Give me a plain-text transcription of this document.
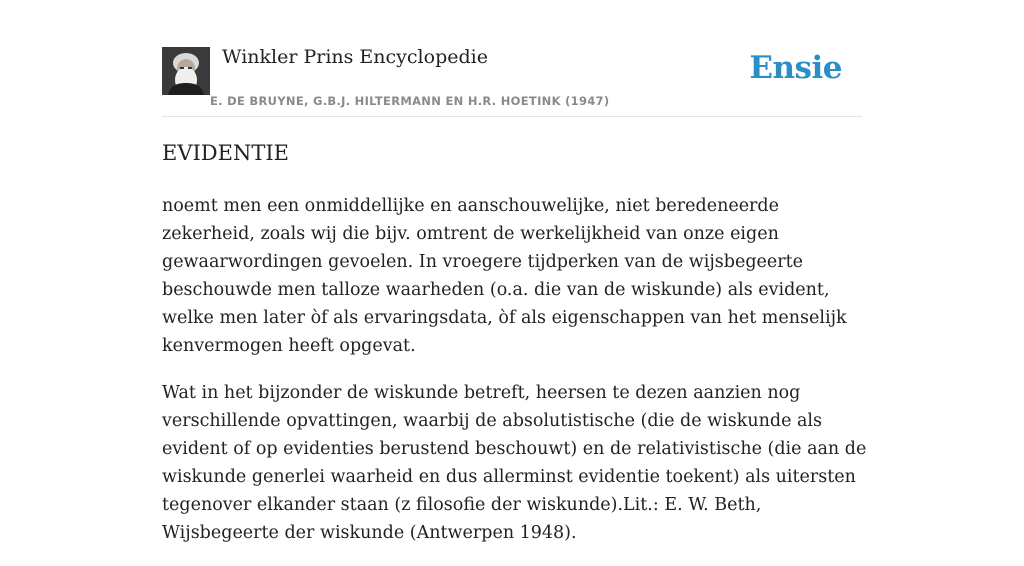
Winkler Prins Encyclopedie
E. DE BRUYNE, G.B.J. HILTERMANN EN H.R. HOETINK (1947)
Ensie
EVIDENTIE

noemt men een onmiddellijke en aanschouwelijke, niet beredeneerde zekerheid, zoals wij die bijv. omtrent de werkelijkheid van onze eigen gewaarwordingen gevoelen. In vroegere tijdperken van de wijsbegeerte beschouwde men talloze waarheden (o.a. die van de wiskunde) als evident, welke men later òf als ervaringsdata, òf als eigenschappen van het menselijk kenvermogen heeft opgevat.

Wat in het bijzonder de wiskunde betreft, heersen te dezen aanzien nog verschillende opvattingen, waarbij de absolutistische (die de wiskunde als evident of op evidenties berustend beschouwt) en de relativistische (die aan de wiskunde generlei waarheid en dus allerminst evidentie toekent) als uitersten tegenover elkander staan (z filosofie der wiskunde).Lit.: E. W. Beth, Wijsbegeerte der wiskunde (Antwerpen 1948).
